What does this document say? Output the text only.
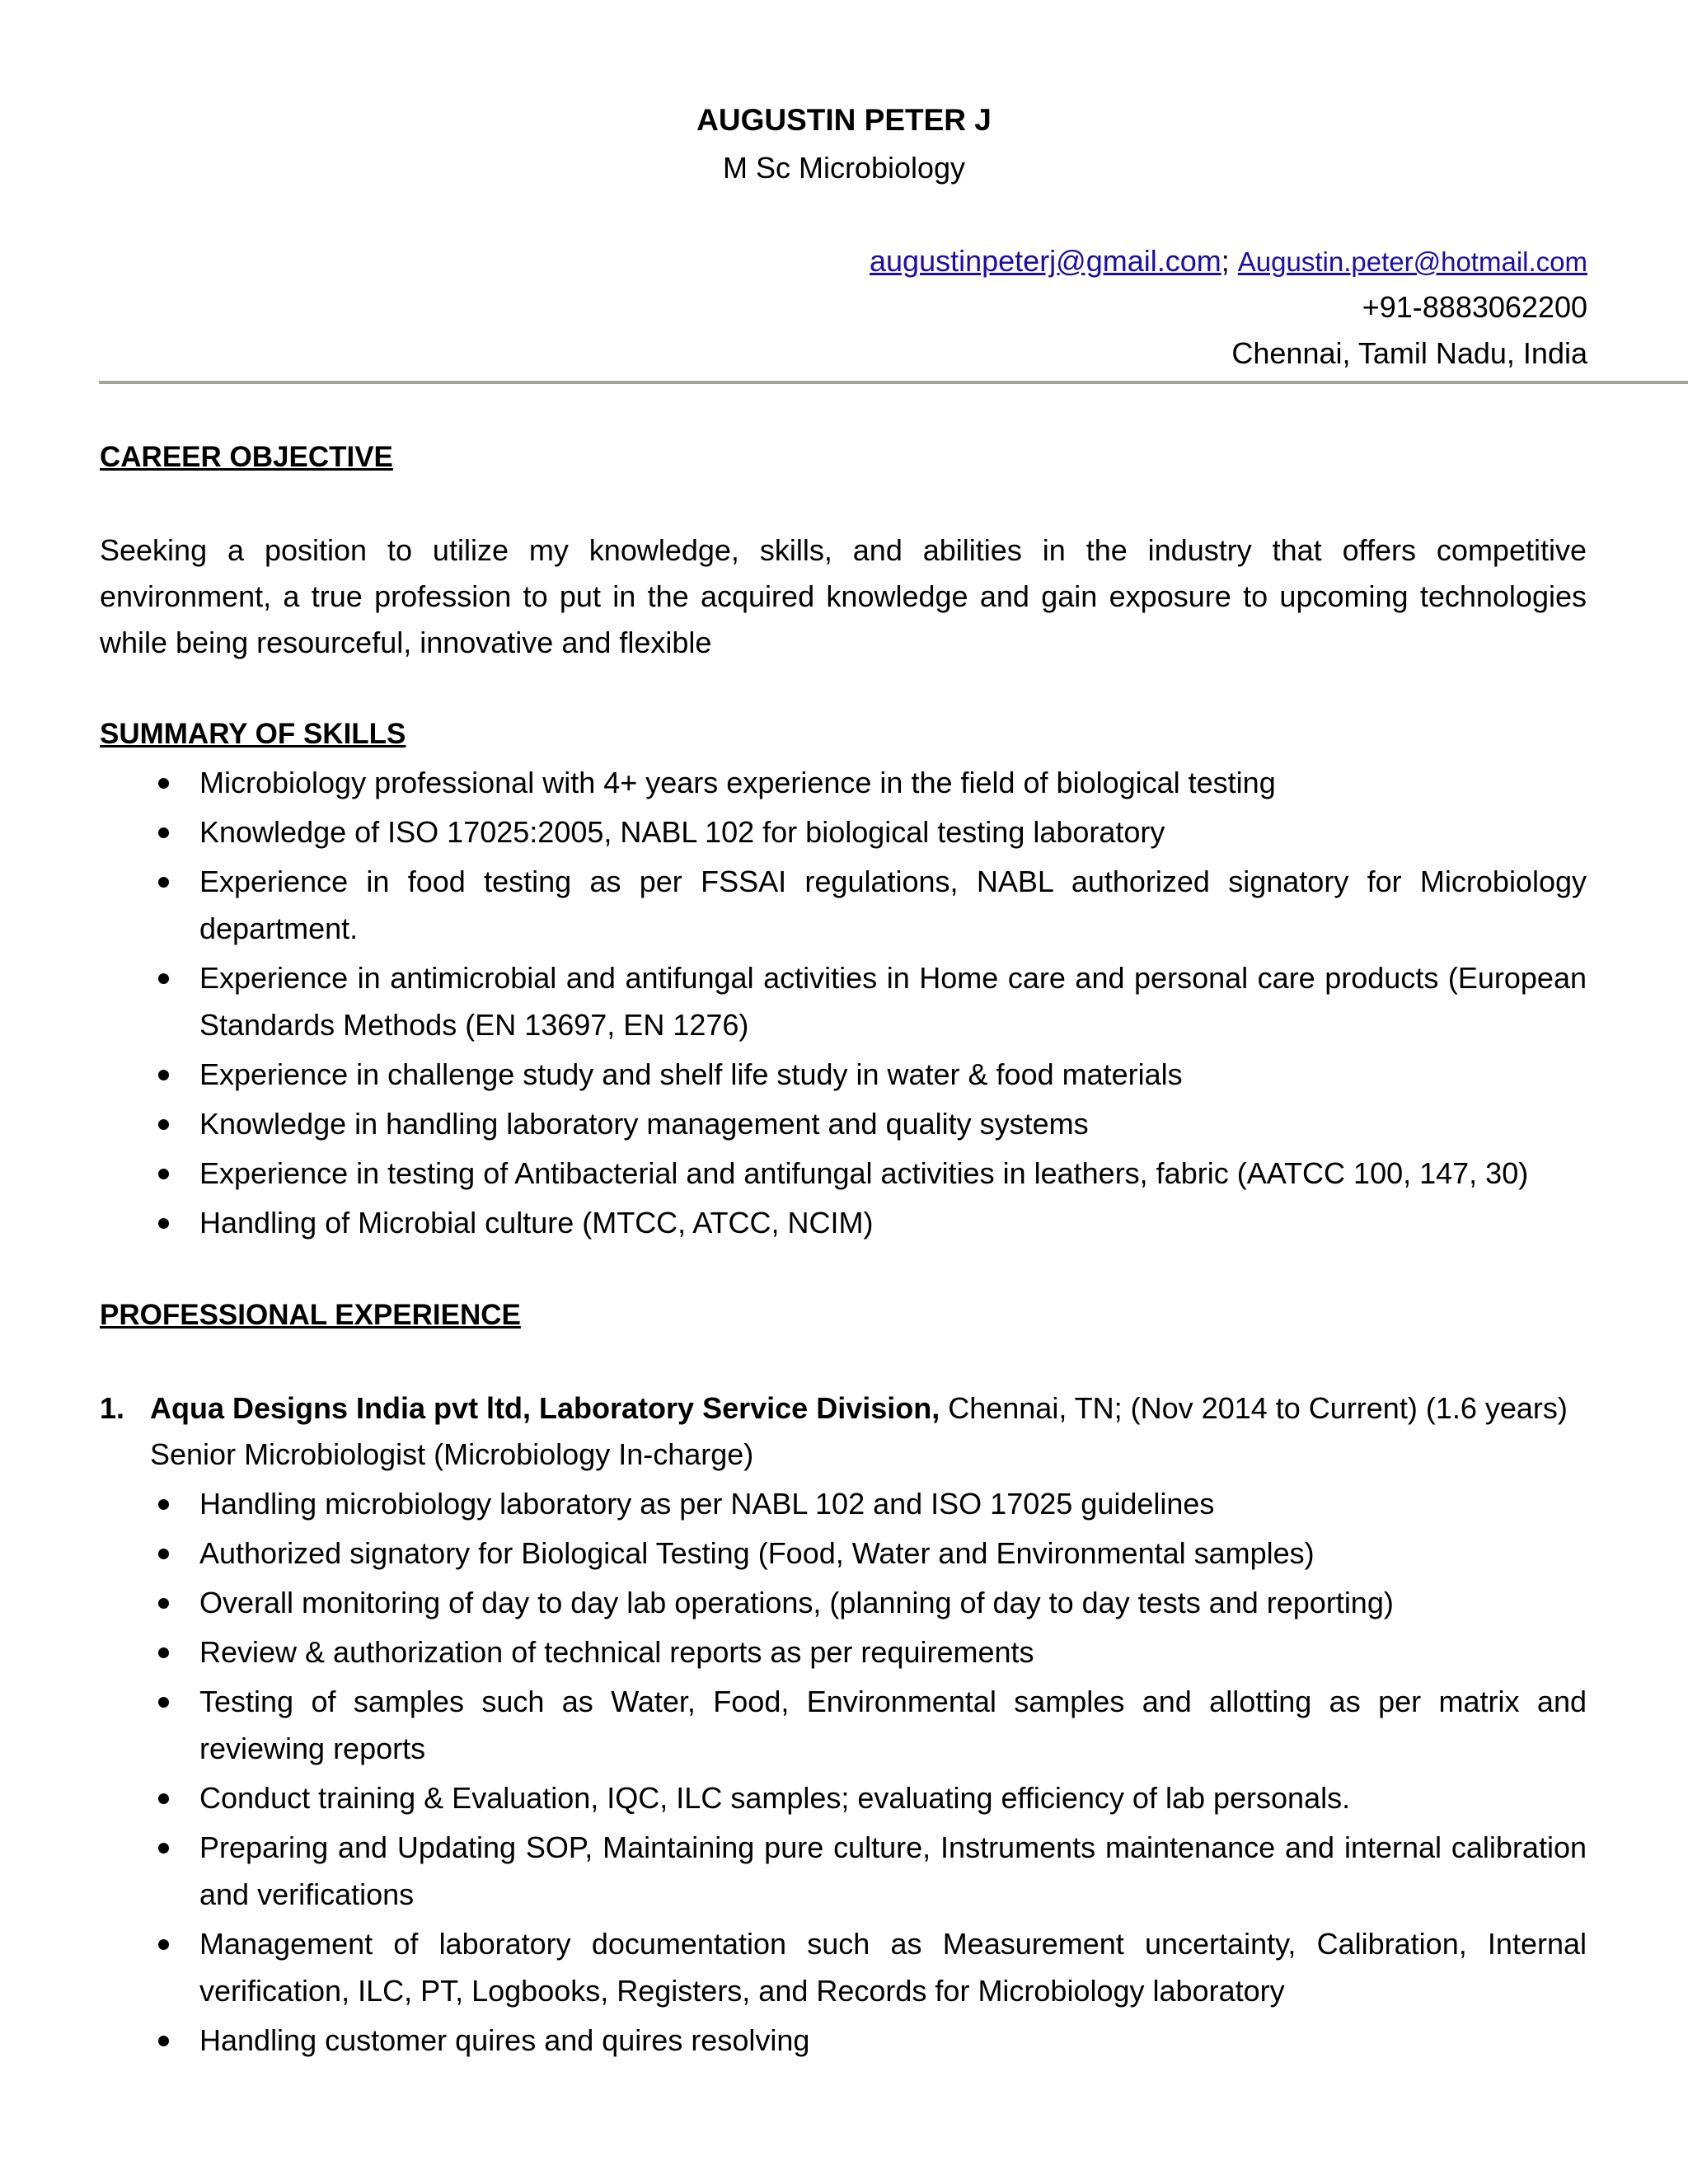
AUGUSTIN PETER J
M Sc Microbiology
augustinpeterj@gmail.com; Augustin.peter@hotmail.com
+91-8883062200
Chennai, Tamil Nadu, India
CAREER OBJECTIVE
Seeking a position to utilize my knowledge, skills, and abilities in the industry that offers competitive
environment, a true profession to put in the acquired knowledge and gain exposure to upcoming technologies
while being resourceful, innovative and flexible
SUMMARY OF SKILLS
Microbiology professional with 4+ years experience in the field of biological testing
Knowledge of ISO 17025:2005, NABL 102 for biological testing laboratory
Experience in food testing as per FSSAI regulations, NABL authorized signatory for Microbiology department.
Experience in antimicrobial and antifungal activities in Home care and personal care products (European Standards Methods (EN 13697, EN 1276)
Experience in challenge study and shelf life study in water & food materials
Knowledge in handling laboratory management and quality systems
Experience in testing of Antibacterial and antifungal activities in leathers, fabric (AATCC 100, 147, 30)
Handling of Microbial culture (MTCC, ATCC, NCIM)
PROFESSIONAL EXPERIENCE
1. Aqua Designs India pvt ltd, Laboratory Service Division, Chennai, TN; (Nov 2014 to Current) (1.6 years)
Senior Microbiologist (Microbiology In-charge)
Handling microbiology laboratory as per NABL 102 and ISO 17025 guidelines
Authorized signatory for Biological Testing (Food, Water and Environmental samples)
Overall monitoring of day to day lab operations, (planning of day to day tests and reporting)
Review & authorization of technical reports as per requirements
Testing of samples such as Water, Food, Environmental samples and allotting as per matrix and reviewing reports
Conduct training & Evaluation, IQC, ILC samples; evaluating efficiency of lab personals.
Preparing and Updating SOP, Maintaining pure culture, Instruments maintenance and internal calibration and verifications
Management of laboratory documentation such as Measurement uncertainty, Calibration, Internal verification, ILC, PT, Logbooks, Registers, and Records for Microbiology laboratory
Handling customer quires and quires resolving
